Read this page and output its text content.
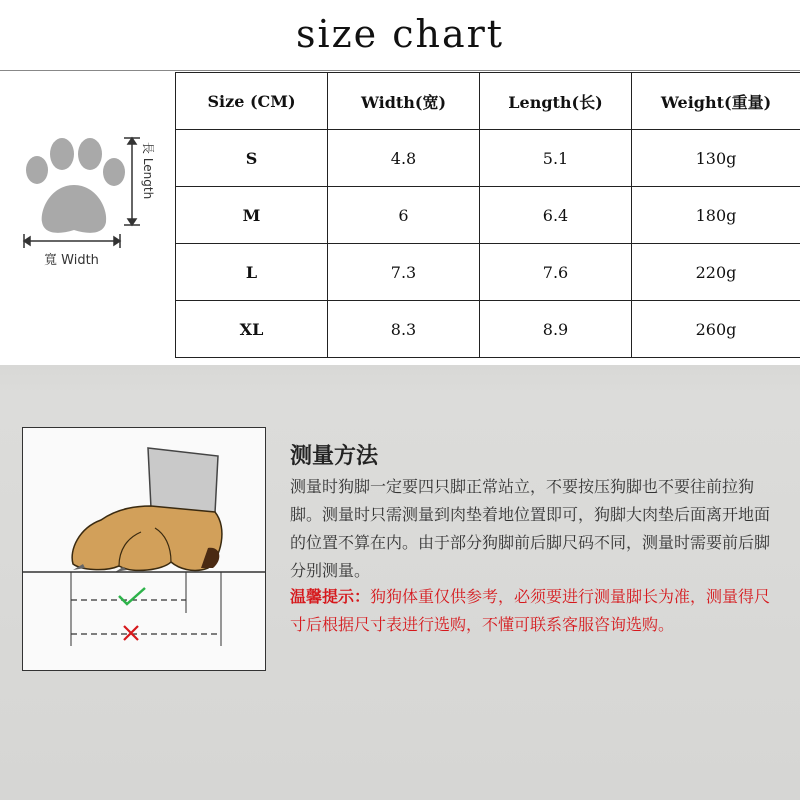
size chart
長 Length
寬 Width
Size (CM)	Width(宽)	Length(长)	Weight(重量)
S	4.8	5.1	130g
M	6	6.4	180g
L	7.3	7.6	220g
XL	8.3	8.9	260g
测量方法
测量时狗脚一定要四只脚正常站立，不要按压狗脚也不要往前拉狗脚。测量时只需测量到肉垫着地位置即可，狗脚大肉垫后面离开地面的位置不算在内。由于部分狗脚前后脚尺码不同，测量时需要前后脚分别测量。
温馨提示：狗狗体重仅供参考，必须要进行测量脚长为准，测量得尺寸后根据尺寸表进行选购，不懂可联系客服咨询选购。
